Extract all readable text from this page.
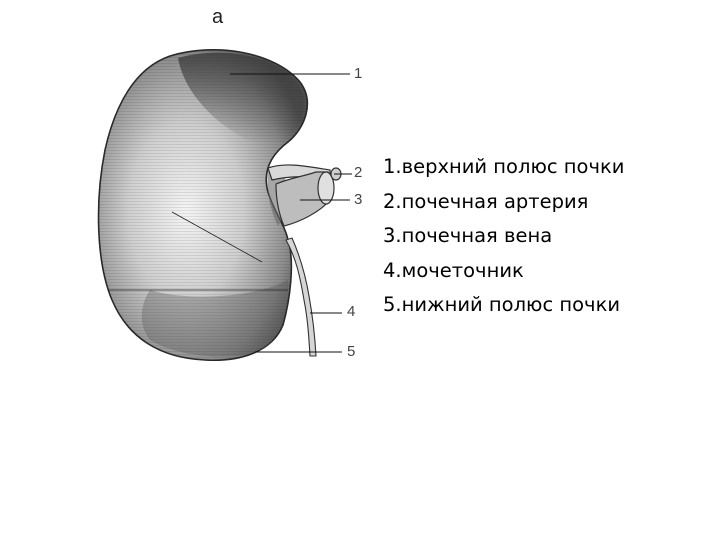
а
1
2
3
4
5
1.верхний полюс почки
2.почечная артерия
3.почечная вена
4.мочеточник
5.нижний полюс почки
